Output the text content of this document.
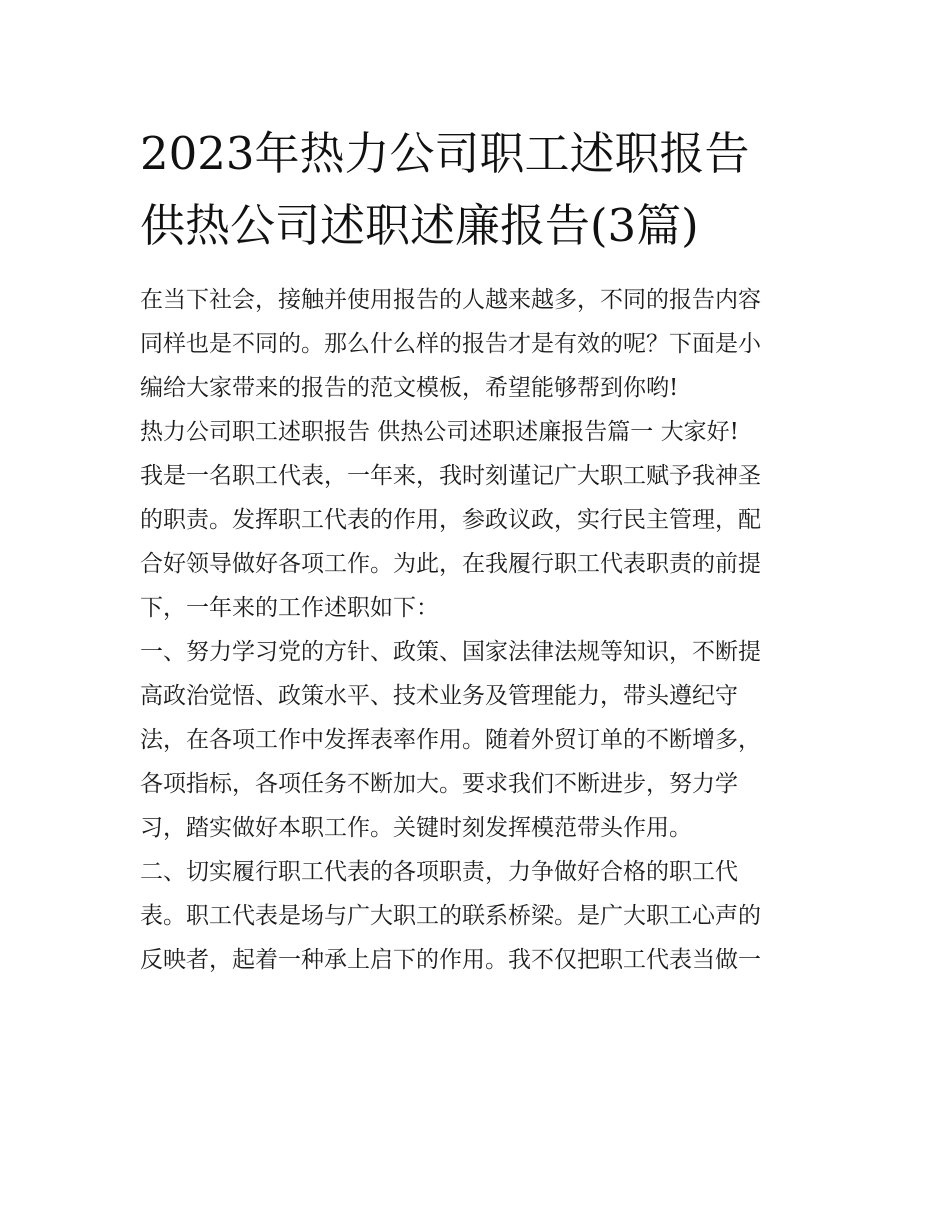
2023年热力公司职工述职报告
供热公司述职述廉报告(3篇)
在当下社会，接触并使用报告的人越来越多，不同的报告内容
同样也是不同的。那么什么样的报告才是有效的呢？下面是小
编给大家带来的报告的范文模板，希望能够帮到你哟!
热力公司职工述职报告 供热公司述职述廉报告篇一 大家好!
我是一名职工代表，一年来，我时刻谨记广大职工赋予我神圣
的职责。发挥职工代表的作用，参政议政，实行民主管理，配
合好领导做好各项工作。为此，在我履行职工代表职责的前提
下，一年来的工作述职如下：
一、努力学习党的方针、政策、国家法律法规等知识，不断提
高政治觉悟、政策水平、技术业务及管理能力，带头遵纪守
法，在各项工作中发挥表率作用。随着外贸订单的不断增多，
各项指标，各项任务不断加大。要求我们不断进步，努力学
习，踏实做好本职工作。关键时刻发挥模范带头作用。
二、切实履行职工代表的各项职责，力争做好合格的职工代
表。职工代表是场与广大职工的联系桥梁。是广大职工心声的
反映者，起着一种承上启下的作用。我不仅把职工代表当做一
